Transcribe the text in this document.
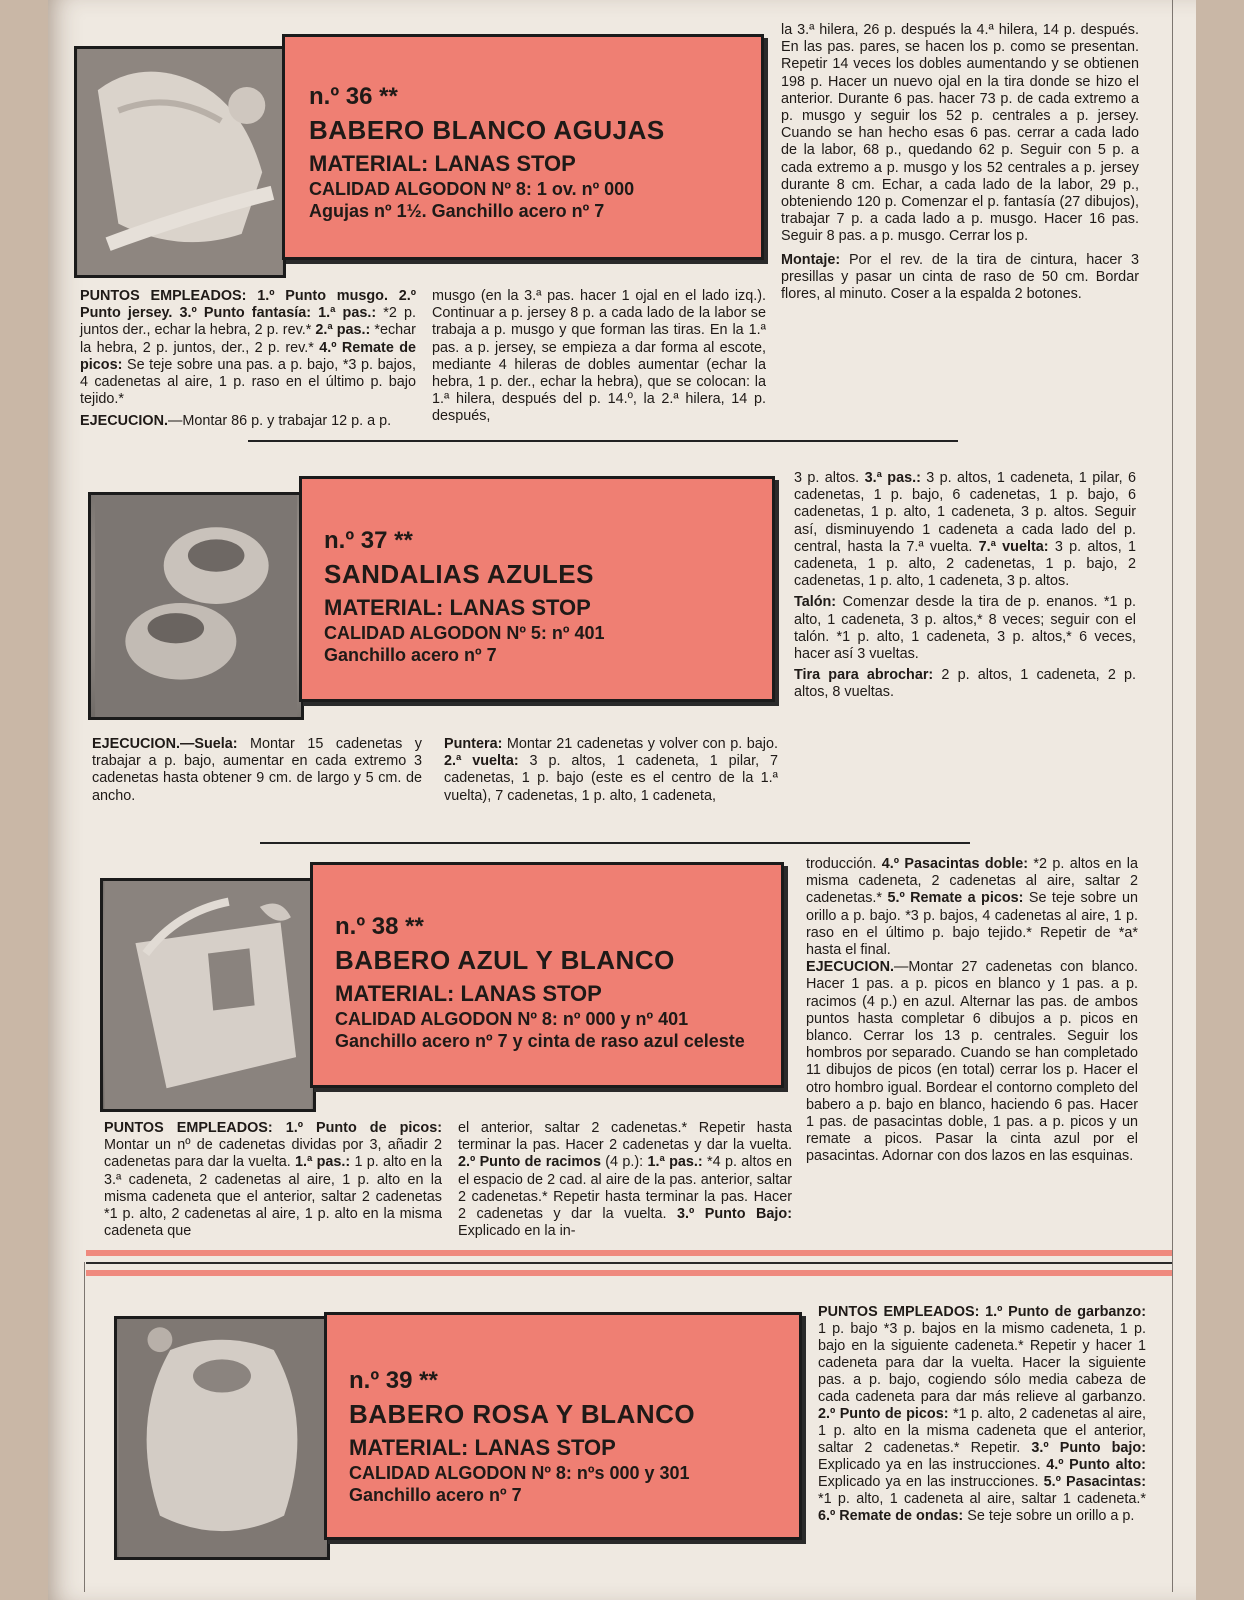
n.º 36 **
BABERO BLANCO AGUJAS
MATERIAL: LANAS STOP
CALIDAD ALGODON Nº 8: 1 ov. nº 000
Agujas nº 1½. Ganchillo acero nº 7

la 3.ª hilera, 26 p. después la 4.ª hilera, 14 p. después. En las pas. pares, se hacen los p. como se presentan. Repetir 14 veces los dobles aumentando y se obtienen 198 p. Hacer un nuevo ojal en la tira donde se hizo el anterior. Durante 6 pas. hacer 73 p. de cada extremo a p. musgo y seguir los 52 p. centrales a p. jersey. Cuando se han hecho esas 6 pas. cerrar a cada lado de la labor, 68 p., quedando 62 p. Seguir con 5 p. a cada extremo a p. musgo y los 52 centrales a p. jersey durante 8 cm. Echar, a cada lado de la labor, 29 p., obteniendo 120 p. Comenzar el p. fantasía (27 dibujos), trabajar 7 p. a cada lado a p. musgo. Hacer 16 pas. Seguir 8 pas. a p. musgo. Cerrar los p.

Montaje: Por el rev. de la tira de cintura, hacer 3 presillas y pasar un cinta de raso de 50 cm. Bordar flores, al minuto. Coser a la espalda 2 botones.

PUNTOS EMPLEADOS: 1.º Punto musgo. 2.º Punto jersey. 3.º Punto fantasía: 1.ª pas.: *2 p. juntos der., echar la hebra, 2 p. rev.* 2.ª pas.: *echar la hebra, 2 p. juntos, der., 2 p. rev.* 4.º Remate de picos: Se teje sobre una pas. a p. bajo, *3 p. bajos, 4 cadenetas al aire, 1 p. raso en el último p. bajo tejido.*

EJECUCION.—Montar 86 p. y trabajar 12 p. a p.

musgo (en la 3.ª pas. hacer 1 ojal en el lado izq.). Continuar a p. jersey 8 p. a cada lado de la labor se trabaja a p. musgo y que forman las tiras. En la 1.ª pas. a p. jersey, se empieza a dar forma al escote, mediante 4 hileras de dobles aumentar (echar la hebra, 1 p. der., echar la hebra), que se colocan: la 1.ª hilera, después del p. 14.º, la 2.ª hilera, 14 p. después,

n.º 37 **
SANDALIAS AZULES
MATERIAL: LANAS STOP
CALIDAD ALGODON Nº 5: nº 401
Ganchillo acero nº 7

3 p. altos. 3.ª pas.: 3 p. altos, 1 cadeneta, 1 pilar, 6 cadenetas, 1 p. bajo, 6 cadenetas, 1 p. bajo, 6 cadenetas, 1 p. alto, 1 cadeneta, 3 p. altos. Seguir así, disminuyendo 1 cadeneta a cada lado del p. central, hasta la 7.ª vuelta. 7.ª vuelta: 3 p. altos, 1 cadeneta, 1 p. alto, 2 cadenetas, 1 p. bajo, 2 cadenetas, 1 p. alto, 1 cadeneta, 3 p. altos.

Talón: Comenzar desde la tira de p. enanos. *1 p. alto, 1 cadeneta, 3 p. altos,* 8 veces; seguir con el talón. *1 p. alto, 1 cadeneta, 3 p. altos,* 6 veces, hacer así 3 vueltas.

Tira para abrochar: 2 p. altos, 1 cadeneta, 2 p. altos, 8 vueltas.

EJECUCION.—Suela: Montar 15 cadenetas y trabajar a p. bajo, aumentar en cada extremo 3 cadenetas hasta obtener 9 cm. de largo y 5 cm. de ancho.

Puntera: Montar 21 cadenetas y volver con p. bajo. 2.ª vuelta: 3 p. altos, 1 cadeneta, 1 pilar, 7 cadenetas, 1 p. bajo (este es el centro de la 1.ª vuelta), 7 cadenetas, 1 p. alto, 1 cadeneta,

n.º 38 **
BABERO AZUL Y BLANCO
MATERIAL: LANAS STOP
CALIDAD ALGODON Nº 8: nº 000 y nº 401
Ganchillo acero nº 7 y cinta de raso azul celeste

troducción. 4.º Pasacintas doble: *2 p. altos en la misma cadeneta, 2 cadenetas al aire, saltar 2 cadenetas.* 5.º Remate a picos: Se teje sobre un orillo a p. bajo. *3 p. bajos, 4 cadenetas al aire, 1 p. raso en el último p. bajo tejido.* Repetir de *a* hasta el final.

EJECUCION.—Montar 27 cadenetas con blanco. Hacer 1 pas. a p. picos en blanco y 1 pas. a p. racimos (4 p.) en azul. Alternar las pas. de ambos puntos hasta completar 6 dibujos a p. picos en blanco. Cerrar los 13 p. centrales. Seguir los hombros por separado. Cuando se han completado 11 dibujos de picos (en total) cerrar los p. Hacer el otro hombro igual. Bordear el contorno completo del babero a p. bajo en blanco, haciendo 6 pas. Hacer 1 pas. de pasacintas doble, 1 pas. a p. picos y un remate a picos. Pasar la cinta azul por el pasacintas. Adornar con dos lazos en las esquinas.

PUNTOS EMPLEADOS: 1.º Punto de picos: Montar un nº de cadenetas dividas por 3, añadir 2 cadenetas para dar la vuelta. 1.ª pas.: 1 p. alto en la 3.ª cadeneta, 2 cadenetas al aire, 1 p. alto en la misma cadeneta que el anterior, saltar 2 cadenetas *1 p. alto, 2 cadenetas al aire, 1 p. alto en la misma cadeneta que

el anterior, saltar 2 cadenetas.* Repetir hasta terminar la pas. Hacer 2 cadenetas y dar la vuelta. 2.º Punto de racimos (4 p.): 1.ª pas.: *4 p. altos en el espacio de 2 cad. al aire de la pas. anterior, saltar 2 cadenetas.* Repetir hasta terminar la pas. Hacer 2 cadenetas y dar la vuelta. 3.º Punto Bajo: Explicado en la in-

n.º 39 **
BABERO ROSA Y BLANCO
MATERIAL: LANAS STOP
CALIDAD ALGODON Nº 8: nºs 000 y 301
Ganchillo acero nº 7

PUNTOS EMPLEADOS: 1.º Punto de garbanzo: 1 p. bajo *3 p. bajos en la mismo cadeneta, 1 p. bajo en la siguiente cadeneta.* Repetir y hacer 1 cadeneta para dar la vuelta. Hacer la siguiente pas. a p. bajo, cogiendo sólo media cabeza de cada cadeneta para dar más relieve al garbanzo. 2.º Punto de picos: *1 p. alto, 2 cadenetas al aire, 1 p. alto en la misma cadeneta que el anterior, saltar 2 cadenetas.* Repetir. 3.º Punto bajo: Explicado ya en las instrucciones. 4.º Punto alto: Explicado ya en las instrucciones. 5.º Pasacintas: *1 p. alto, 1 cadeneta al aire, saltar 1 cadeneta.* 6.º Remate de ondas: Se teje sobre un orillo a p.
